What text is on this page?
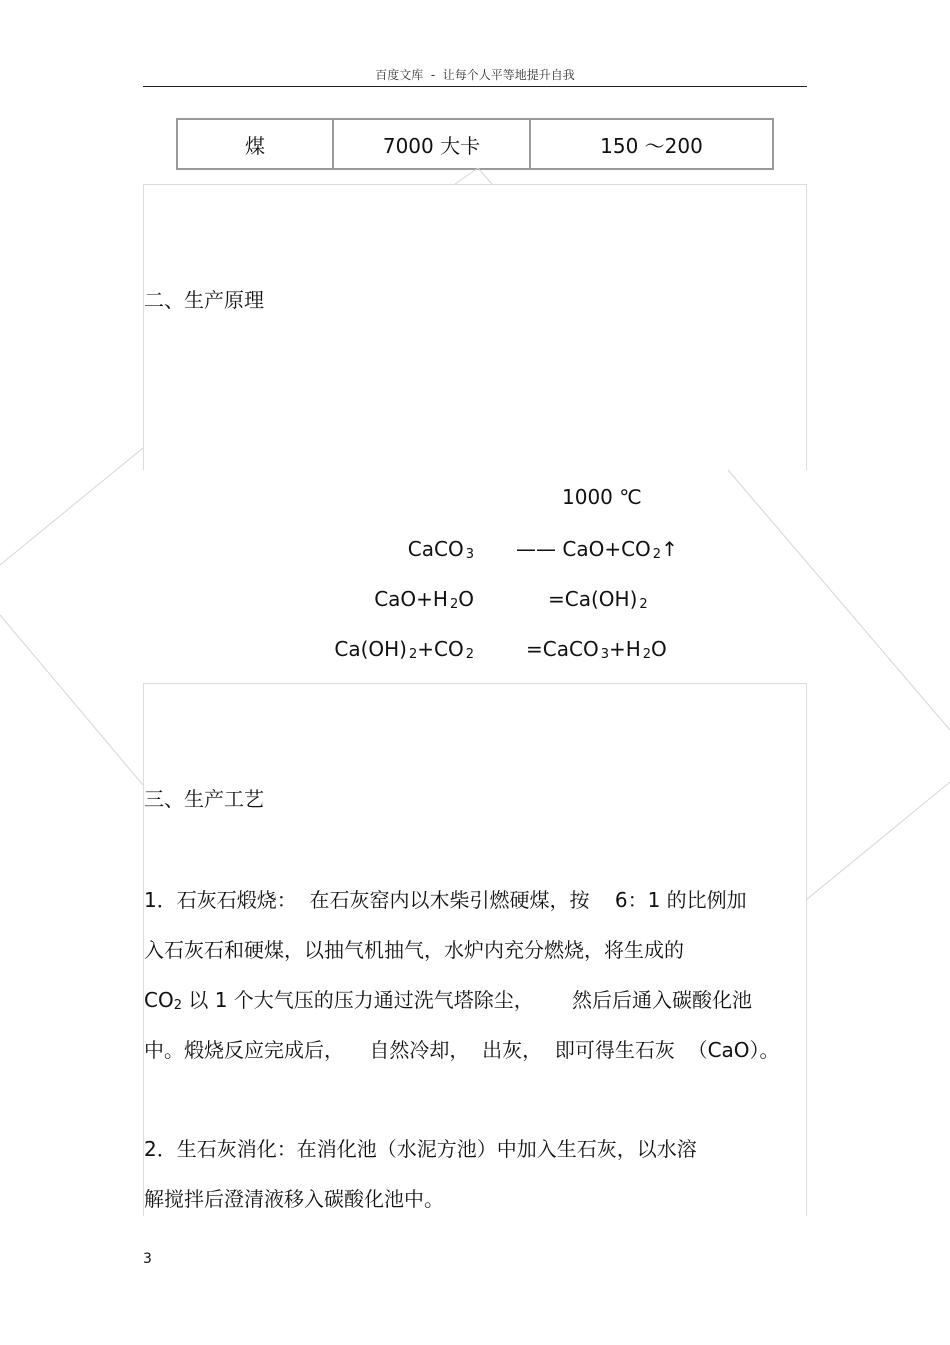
百度文库  -  让每个人平等地提升自我
煤	7000 大卡	150 ～200
二、生产原理
1000 ℃
CaCO $_3$ —— CaO+CO $_2$↑
CaO+H $_2$O	=Ca(OH) $_2$
Ca(OH) $_2$+CO $_2$	=CaCO $_3$+H $_2$O
三、生产工艺
1．石灰石煅烧：  在石灰窑内以木柴引燃硬煤，按    6：1 的比例加
入石灰石和硬煤，以抽气机抽气，水炉内充分燃烧，将生成的
$CO_2$ 以 1 个大气压的压力通过洗气塔除尘，      然后后通入碳酸化池
中。煅烧反应完成后，    自然冷却，  出灰，  即可得生石灰  （CaO）。
2．生石灰消化：在消化池（水泥方池）中加入生石灰，以水溶
解搅拌后澄清液移入碳酸化池中。
3
